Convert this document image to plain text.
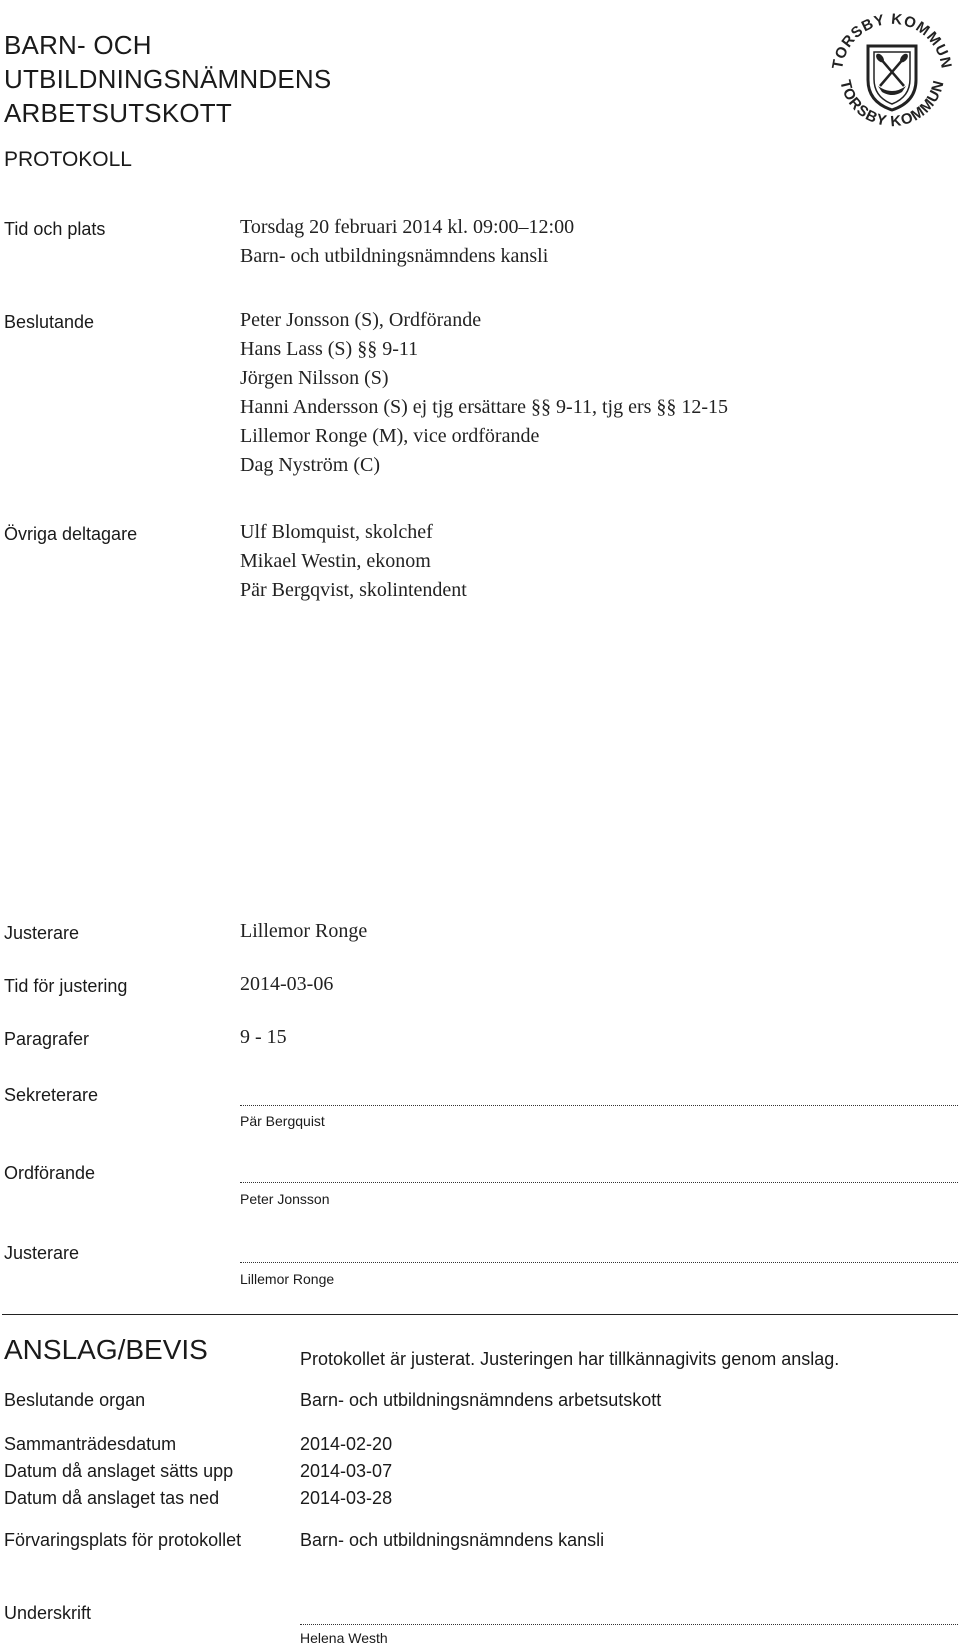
BARN- OCH
UTBILDNINGSNÄMNDENS
ARBETSUTSKOTT
PROTOKOLL
TORSBY KOMMUN
TORSBY KOMMUN
Tid och plats	Torsdag 20 februari 2014 kl. 09:00–12:00
Barn- och utbildningsnämndens kansli
Beslutande	Peter Jonsson (S), Ordförande
Hans Lass (S) §§ 9-11
Jörgen Nilsson (S)
Hanni Andersson (S) ej tjg ersättare §§ 9-11, tjg ers §§ 12-15
Lillemor Ronge (M), vice ordförande
Dag Nyström (C)
Övriga deltagare	Ulf Blomquist, skolchef
Mikael Westin, ekonom
Pär Bergqvist, skolintendent
Justerare	Lillemor Ronge
Tid för justering	2014-03-06
Paragrafer	9 - 15
Sekreterare
Pär Bergquist
Ordförande
Peter Jonsson
Justerare
Lillemor Ronge
ANSLAG/BEVIS	Protokollet är justerat. Justeringen har tillkännagivits genom anslag.
Beslutande organ	Barn- och utbildningsnämndens arbetsutskott
Sammanträdesdatum	2014-02-20
Datum då anslaget sätts upp	2014-03-07
Datum då anslaget tas ned	2014-03-28
Förvaringsplats för protokollet	Barn- och utbildningsnämndens kansli
Underskrift
Helena Westh
